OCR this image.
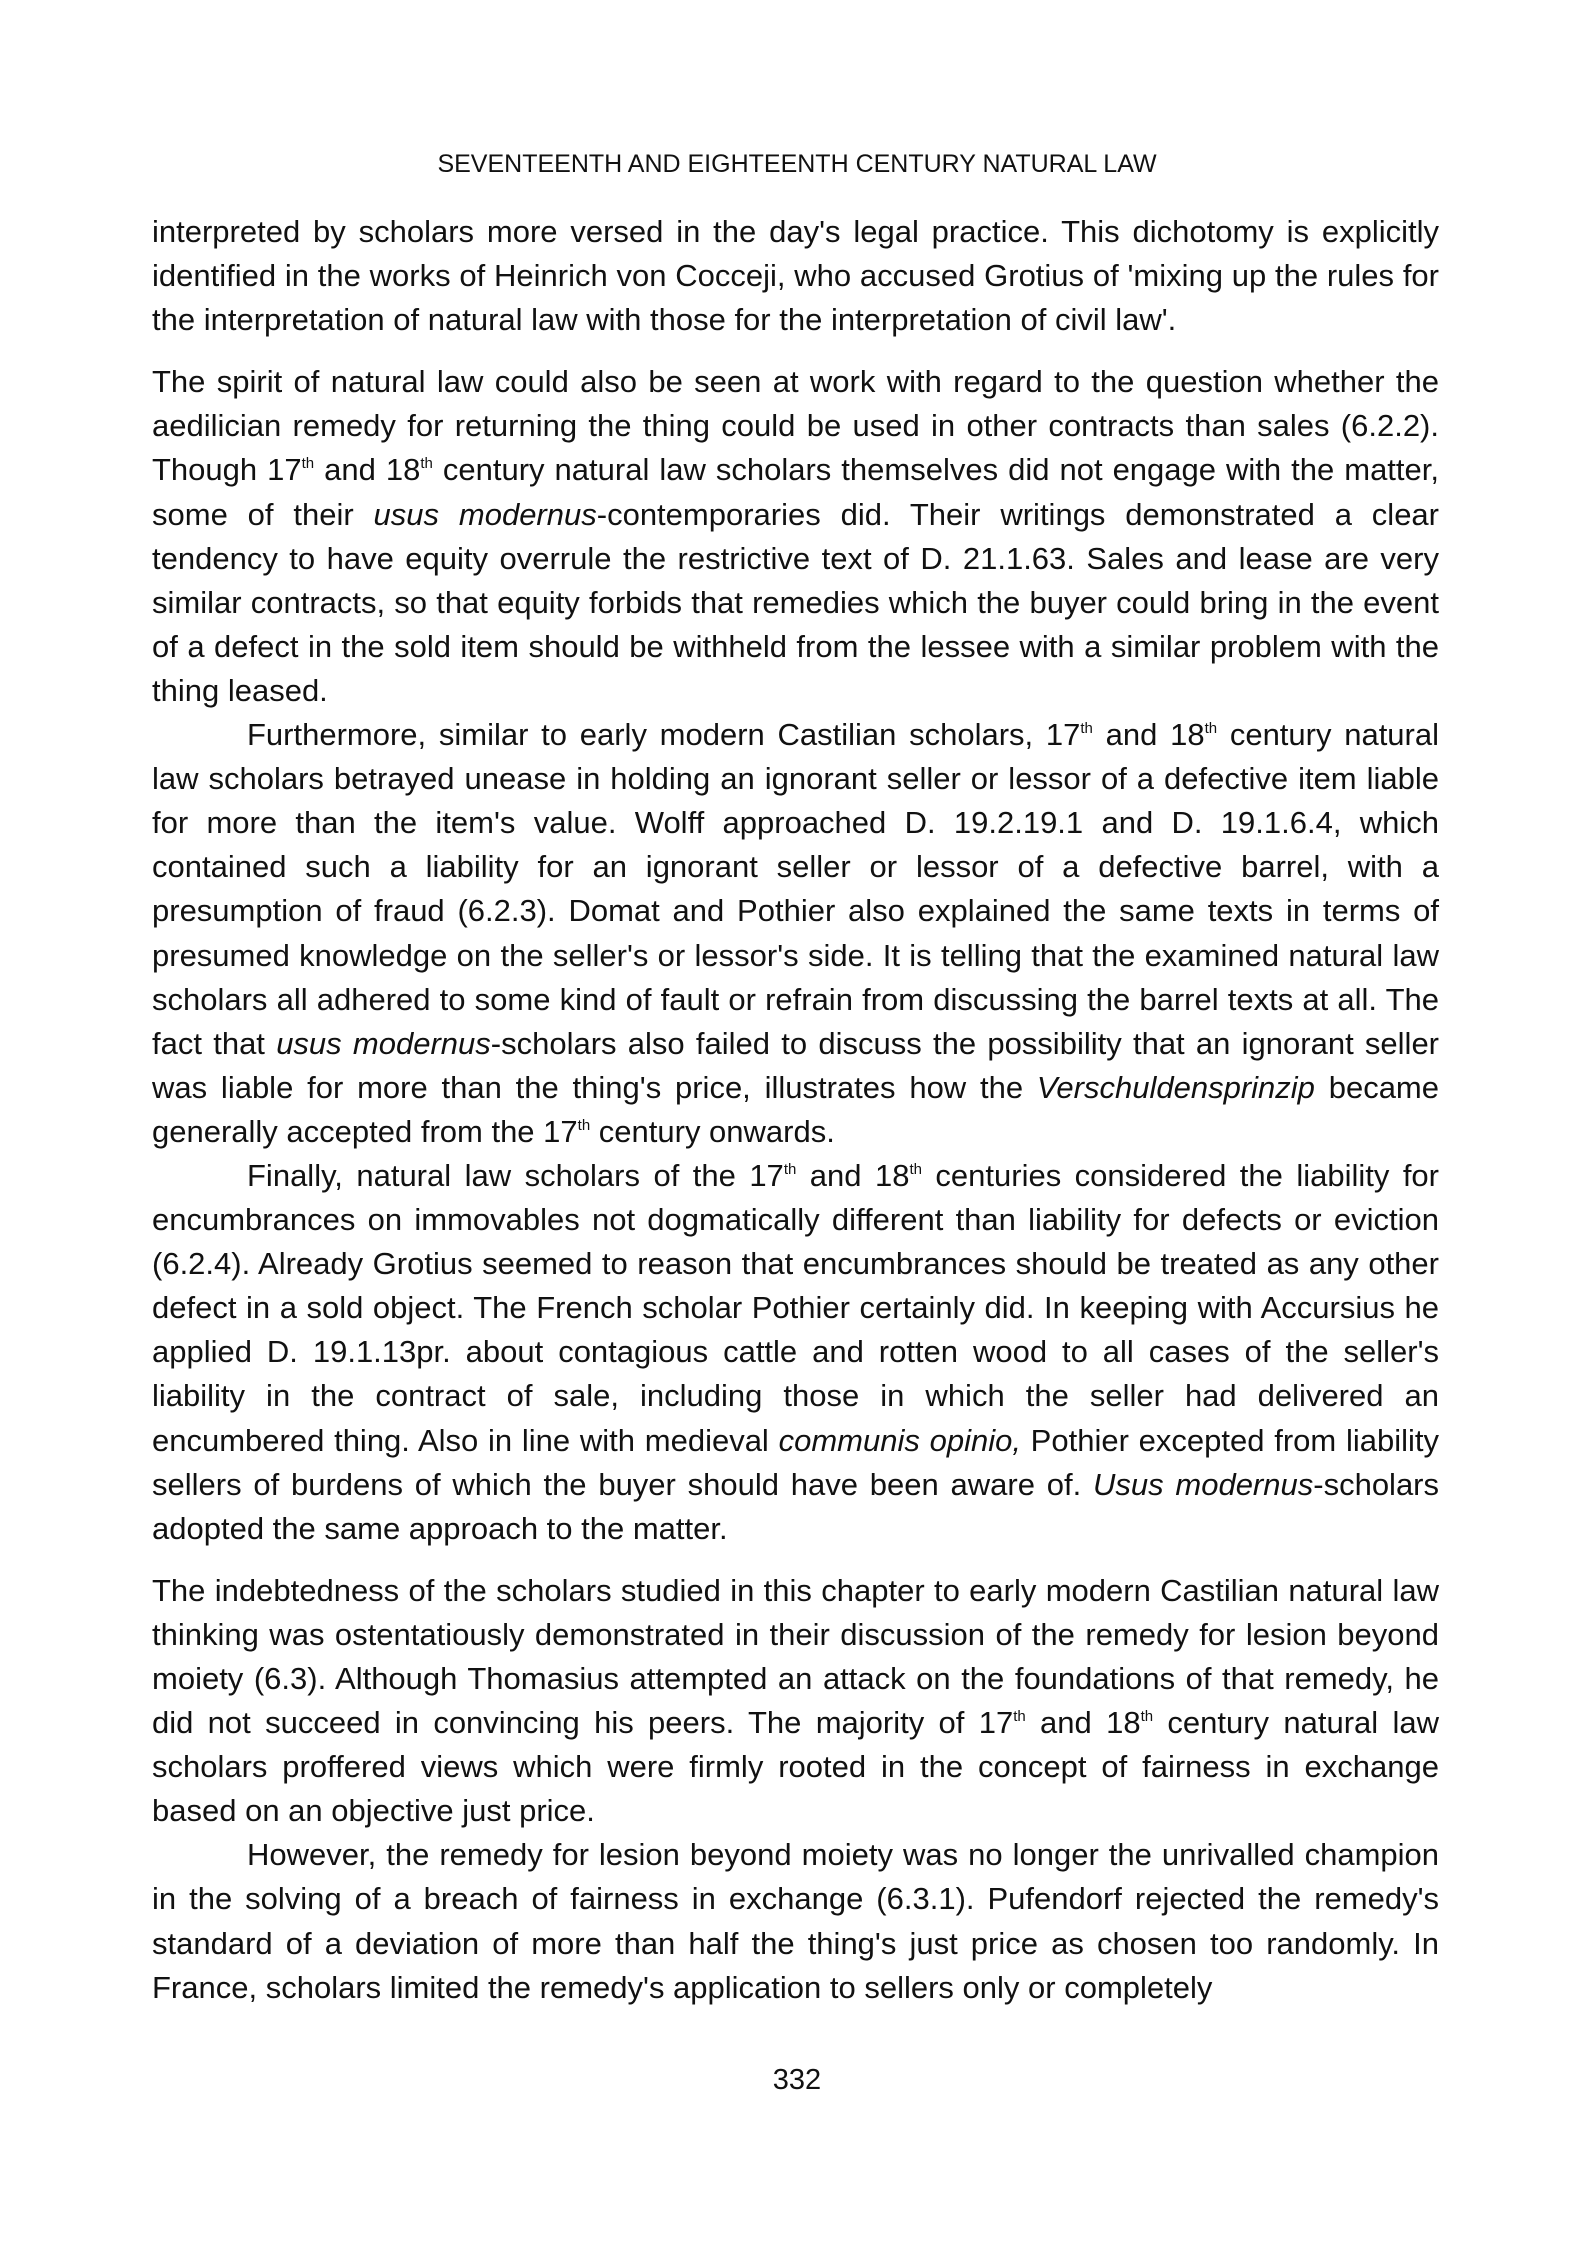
SEVENTEENTH AND EIGHTEENTH CENTURY NATURAL LAW

interpreted by scholars more versed in the day's legal practice. This dichotomy is explicitly identified in the works of Heinrich von Cocceji, who accused Grotius of 'mixing up the rules for the interpretation of natural law with those for the interpretation of civil law'.

The spirit of natural law could also be seen at work with regard to the question whether the aedilician remedy for returning the thing could be used in other contracts than sales (6.2.2). Though 17th and 18th century natural law scholars themselves did not engage with the matter, some of their usus modernus-contemporaries did. Their writings demonstrated a clear tendency to have equity overrule the restrictive text of D. 21.1.63. Sales and lease are very similar contracts, so that equity forbids that remedies which the buyer could bring in the event of a defect in the sold item should be withheld from the lessee with a similar problem with the thing leased.

Furthermore, similar to early modern Castilian scholars, 17th and 18th century natural law scholars betrayed unease in holding an ignorant seller or lessor of a defective item liable for more than the item's value. Wolff approached D. 19.2.19.1 and D. 19.1.6.4, which contained such a liability for an ignorant seller or lessor of a defective barrel, with a presumption of fraud (6.2.3). Domat and Pothier also explained the same texts in terms of presumed knowledge on the seller's or lessor's side. It is telling that the examined natural law scholars all adhered to some kind of fault or refrain from discussing the barrel texts at all. The fact that usus modernus-scholars also failed to discuss the possibility that an ignorant seller was liable for more than the thing's price, illustrates how the Verschuldensprinzip became generally accepted from the 17th century onwards.

Finally, natural law scholars of the 17th and 18th centuries considered the liability for encumbrances on immovables not dogmatically different than liability for defects or eviction (6.2.4). Already Grotius seemed to reason that encumbrances should be treated as any other defect in a sold object. The French scholar Pothier certainly did. In keeping with Accursius he applied D. 19.1.13pr. about contagious cattle and rotten wood to all cases of the seller's liability in the contract of sale, including those in which the seller had delivered an encumbered thing. Also in line with medieval communis opinio, Pothier excepted from liability sellers of burdens of which the buyer should have been aware of. Usus modernus-scholars adopted the same approach to the matter.

The indebtedness of the scholars studied in this chapter to early modern Castilian natural law thinking was ostentatiously demonstrated in their discussion of the remedy for lesion beyond moiety (6.3). Although Thomasius attempted an attack on the foundations of that remedy, he did not succeed in convincing his peers. The majority of 17th and 18th century natural law scholars proffered views which were firmly rooted in the concept of fairness in exchange based on an objective just price.

However, the remedy for lesion beyond moiety was no longer the unrivalled champion in the solving of a breach of fairness in exchange (6.3.1). Pufendorf rejected the remedy's standard of a deviation of more than half the thing's just price as chosen too randomly. In France, scholars limited the remedy's application to sellers only or completely

332
